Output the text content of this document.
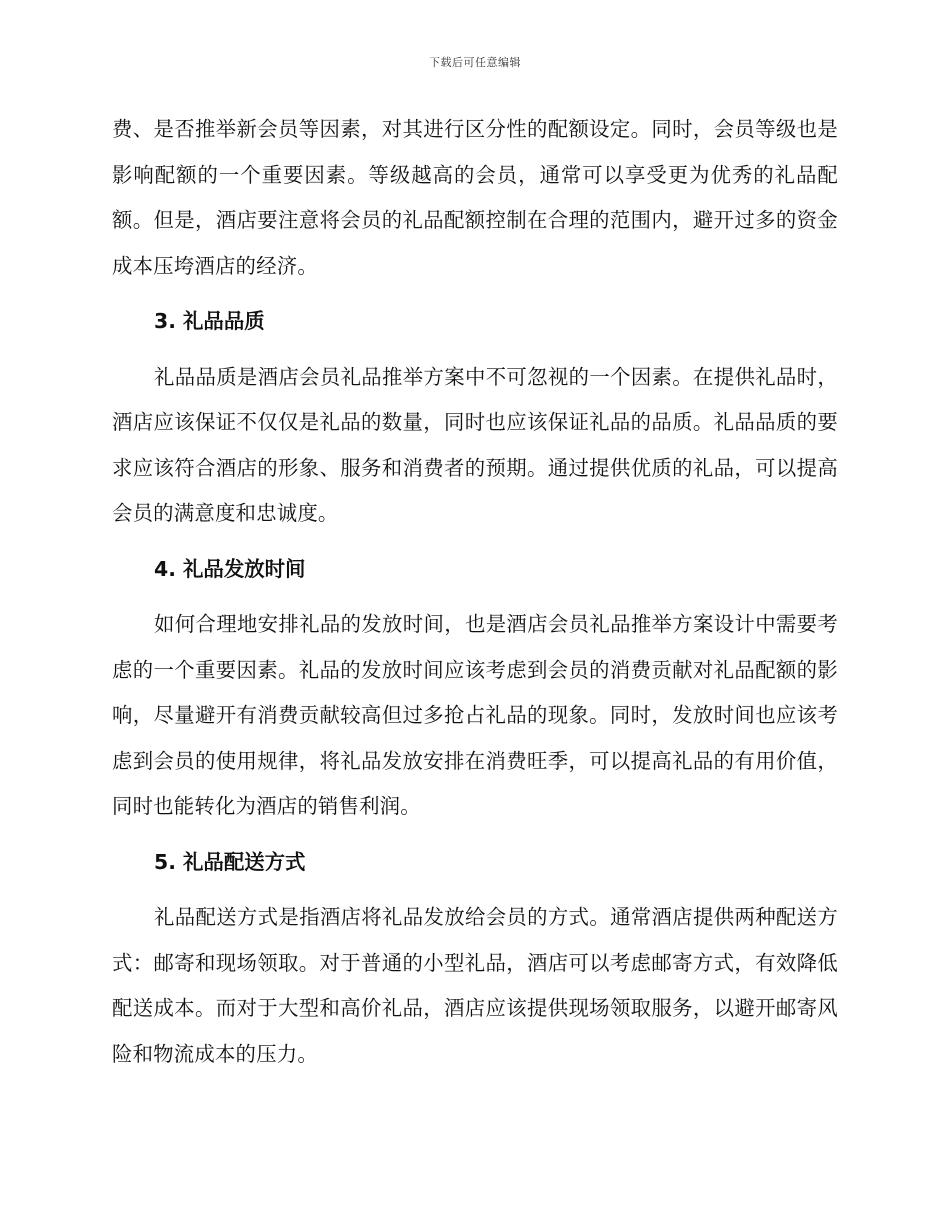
下载后可任意编辑

费、是否推举新会员等因素，对其进行区分性的配额设定。同时，会员等级也是影响配额的一个重要因素。等级越高的会员，通常可以享受更为优秀的礼品配额。但是，酒店要注意将会员的礼品配额控制在合理的范围内，避开过多的资金成本压垮酒店的经济。

3. 礼品品质

礼品品质是酒店会员礼品推举方案中不可忽视的一个因素。在提供礼品时，酒店应该保证不仅仅是礼品的数量，同时也应该保证礼品的品质。礼品品质的要求应该符合酒店的形象、服务和消费者的预期。通过提供优质的礼品，可以提高会员的满意度和忠诚度。

4. 礼品发放时间

如何合理地安排礼品的发放时间，也是酒店会员礼品推举方案设计中需要考虑的一个重要因素。礼品的发放时间应该考虑到会员的消费贡献对礼品配额的影响，尽量避开有消费贡献较高但过多抢占礼品的现象。同时，发放时间也应该考虑到会员的使用规律，将礼品发放安排在消费旺季，可以提高礼品的有用价值，同时也能转化为酒店的销售利润。

5. 礼品配送方式

礼品配送方式是指酒店将礼品发放给会员的方式。通常酒店提供两种配送方式：邮寄和现场领取。对于普通的小型礼品，酒店可以考虑邮寄方式，有效降低配送成本。而对于大型和高价礼品，酒店应该提供现场领取服务，以避开邮寄风险和物流成本的压力。
